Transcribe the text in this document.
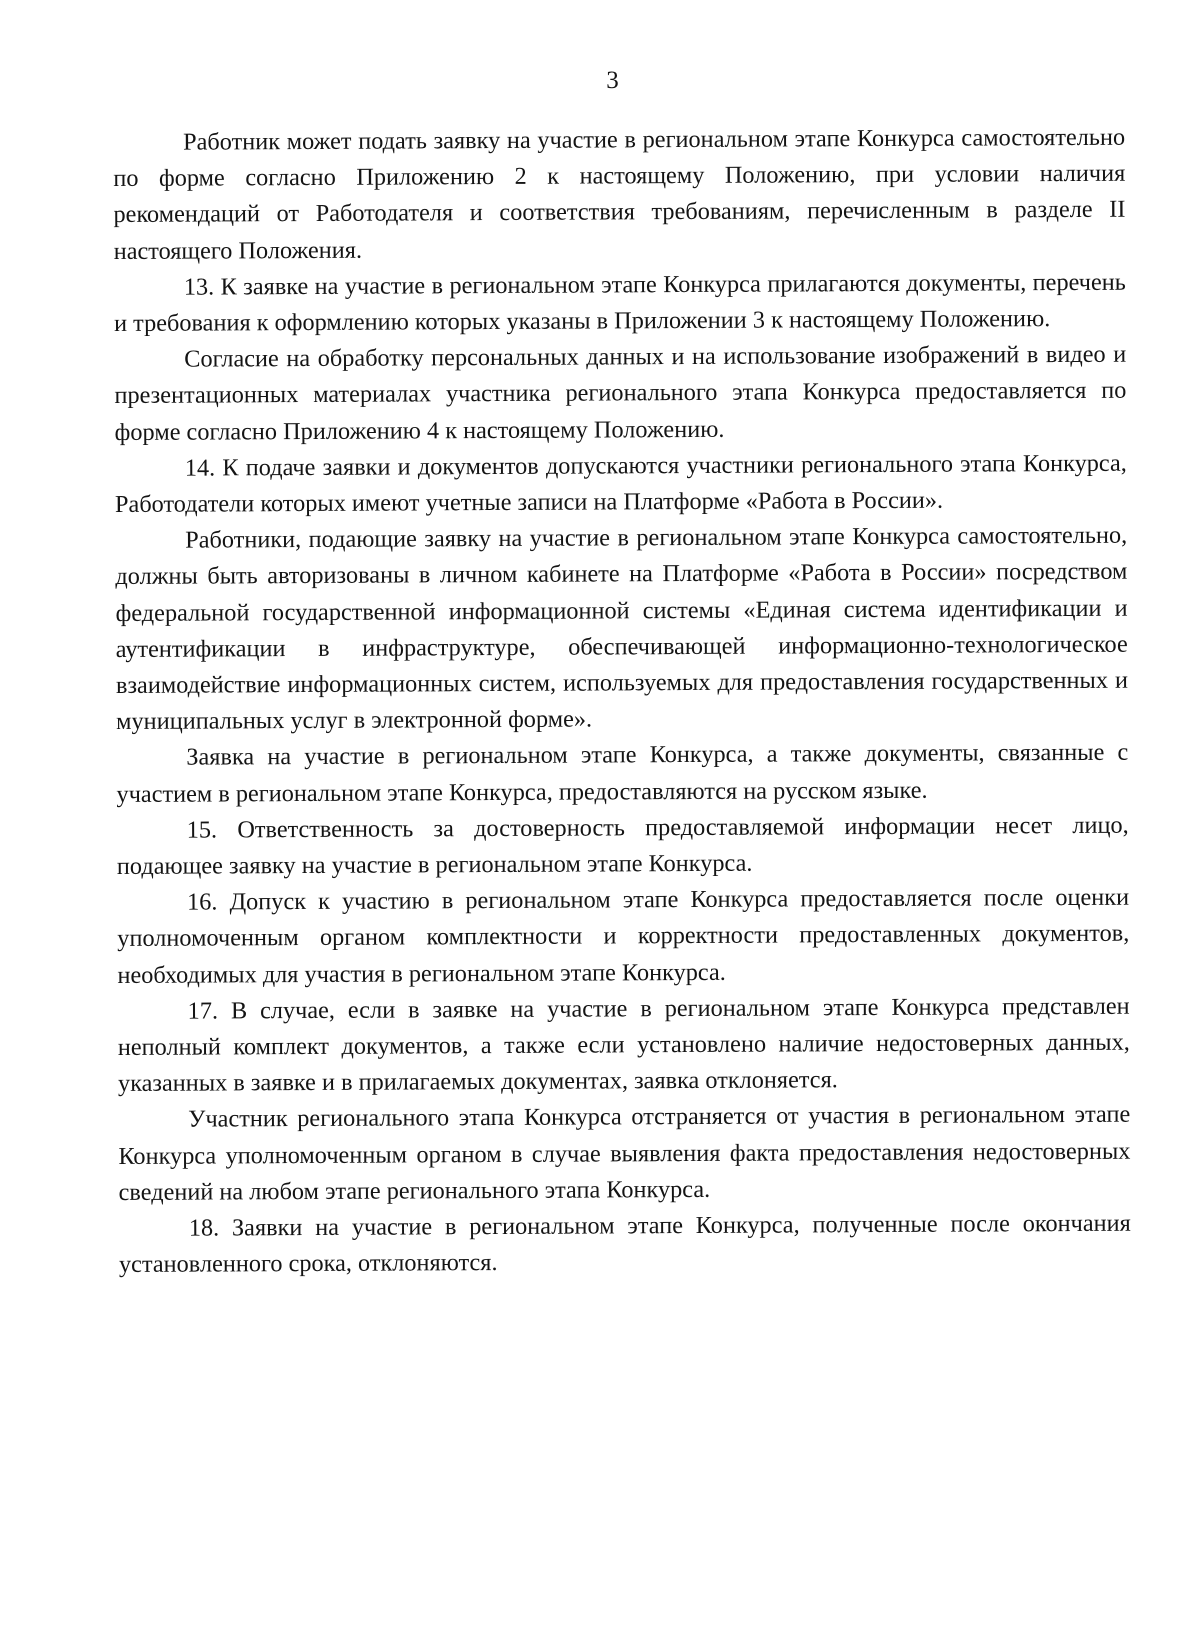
3

Работник может подать заявку на участие в региональном этапе Конкурса самостоятельно по форме согласно Приложению 2 к настоящему Положению, при условии наличия рекомендаций от Работодателя и соответствия требованиям, перечисленным в разделе II настоящего Положения.

13. К заявке на участие в региональном этапе Конкурса прилагаются документы, перечень и требования к оформлению которых указаны в Приложении 3 к настоящему Положению.

Согласие на обработку персональных данных и на использование изображений в видео и презентационных материалах участника регионального этапа Конкурса предоставляется по форме согласно Приложению 4 к настоящему Положению.

14. К подаче заявки и документов допускаются участники регионального этапа Конкурса, Работодатели которых имеют учетные записи на Платформе «Работа в России».

Работники, подающие заявку на участие в региональном этапе Конкурса самостоятельно, должны быть авторизованы в личном кабинете на Платформе «Работа в России» посредством федеральной государственной информационной системы «Единая система идентификации и аутентификации в инфраструктуре, обеспечивающей информационно-технологическое взаимодействие информационных систем, используемых для предоставления государственных и муниципальных услуг в электронной форме».

Заявка на участие в региональном этапе Конкурса, а также документы, связанные с участием в региональном этапе Конкурса, предоставляются на русском языке.

15. Ответственность за достоверность предоставляемой информации несет лицо, подающее заявку на участие в региональном этапе Конкурса.

16. Допуск к участию в региональном этапе Конкурса предоставляется после оценки уполномоченным органом комплектности и корректности предоставленных документов, необходимых для участия в региональном этапе Конкурса.

17. В случае, если в заявке на участие в региональном этапе Конкурса представлен неполный комплект документов, а также если установлено наличие недостоверных данных, указанных в заявке и в прилагаемых документах, заявка отклоняется.

Участник регионального этапа Конкурса отстраняется от участия в региональном этапе Конкурса уполномоченным органом в случае выявления факта предоставления недостоверных сведений на любом этапе регионального этапа Конкурса.

18. Заявки на участие в региональном этапе Конкурса, полученные после окончания установленного срока, отклоняются.
